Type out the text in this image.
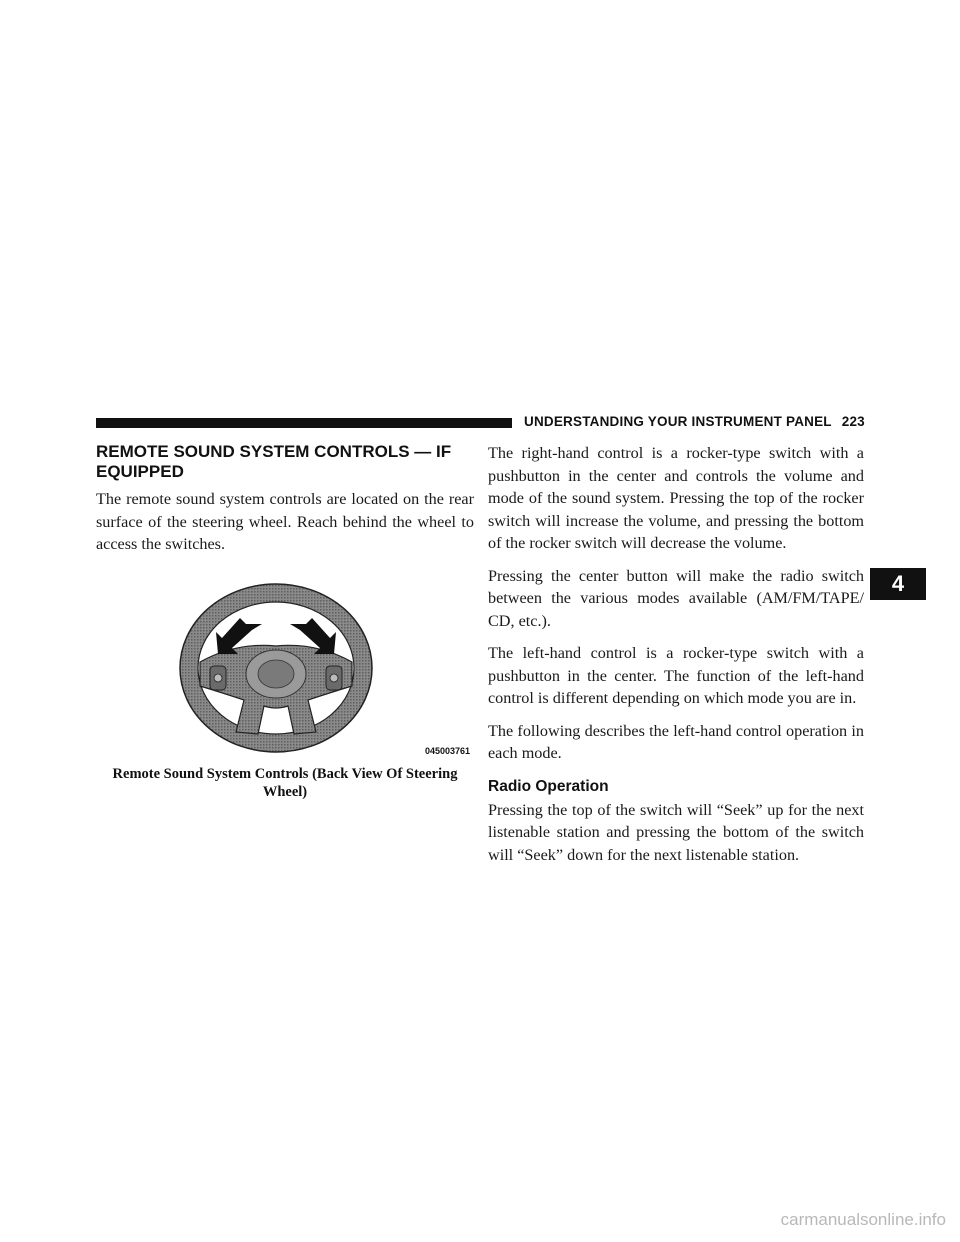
UNDERSTANDING YOUR INSTRUMENT PANEL 223
REMOTE SOUND SYSTEM CONTROLS — IF EQUIPPED

The remote sound system controls are located on the rear surface of the steering wheel. Reach behind the wheel to access the switches.

045003761
Remote Sound System Controls (Back View Of Steering Wheel)

The right-hand control is a rocker-type switch with a pushbutton in the center and controls the volume and mode of the sound system. Pressing the top of the rocker switch will increase the volume, and pressing the bottom of the rocker switch will decrease the volume.

Pressing the center button will make the radio switch between the various modes available (AM/FM/TAPE/ CD, etc.).

The left-hand control is a rocker-type switch with a pushbutton in the center. The function of the left-hand control is different depending on which mode you are in.

The following describes the left-hand control operation in each mode.

Radio Operation

Pressing the top of the switch will “Seek” up for the next listenable station and pressing the bottom of the switch will “Seek” down for the next listenable station.

4
carmanualsonline.info
